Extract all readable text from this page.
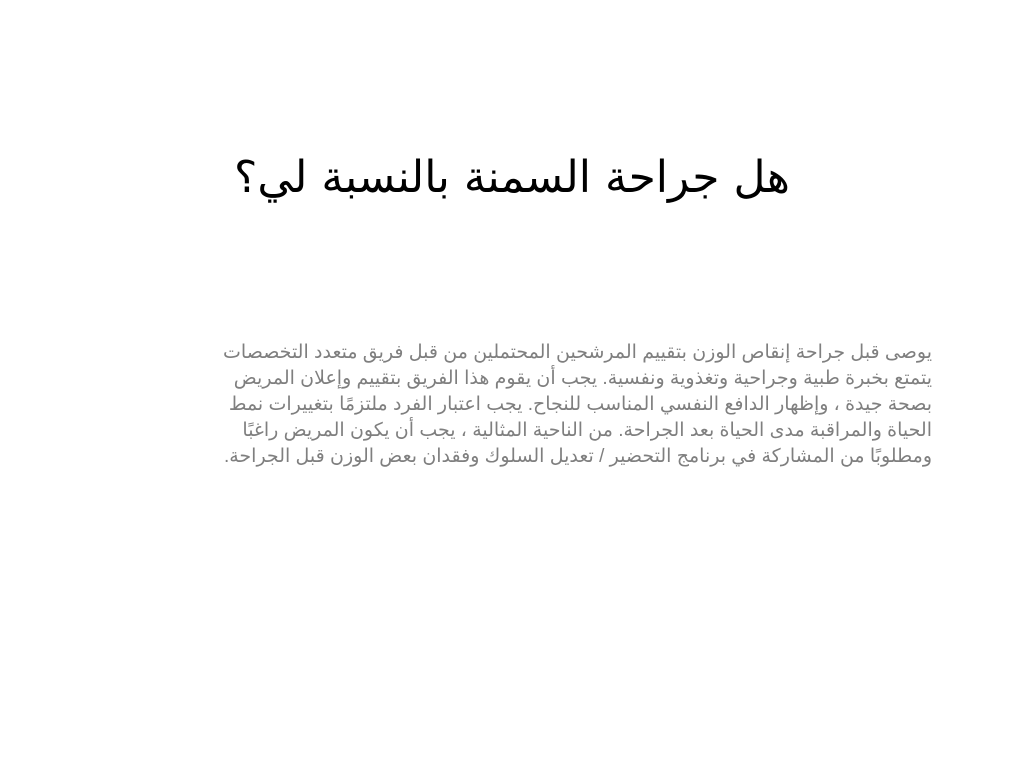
هل جراحة السمنة بالنسبة لي؟
يوصى قبل جراحة إنقاص الوزن بتقييم المرشحين المحتملين من قبل فريق متعدد التخصصات
يتمتع بخبرة طبية وجراحية وتغذوية ونفسية. يجب أن يقوم هذا الفريق بتقييم وإعلان المريض
بصحة جيدة ، وإظهار الدافع النفسي المناسب للنجاح. يجب اعتبار الفرد ملتزمًا بتغييرات نمط
الحياة والمراقبة مدى الحياة بعد الجراحة. من الناحية المثالية ، يجب أن يكون المريض راغبًا
ومطلوبًا من المشاركة في برنامج التحضير / تعديل السلوك وفقدان بعض الوزن قبل الجراحة.
